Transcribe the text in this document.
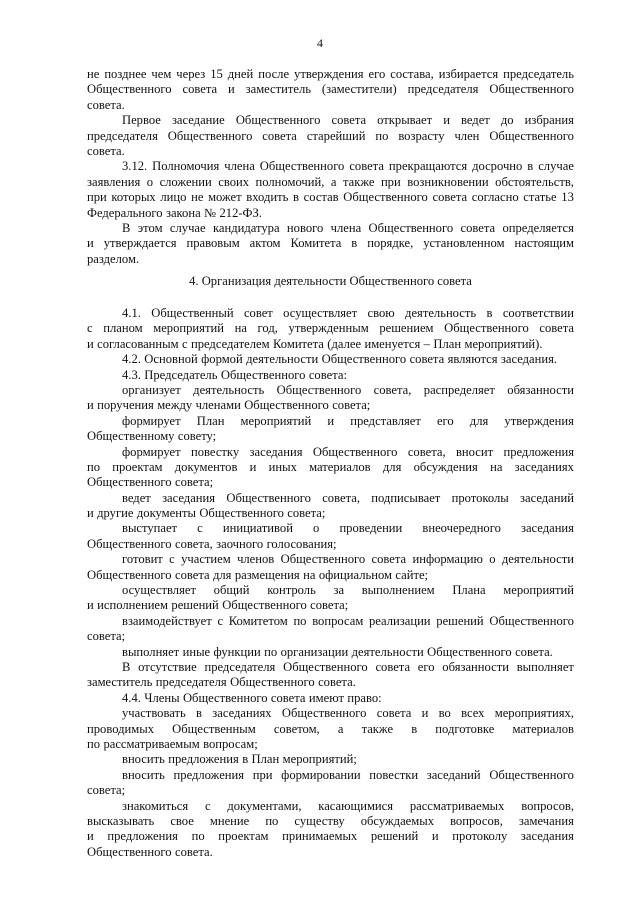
4
не позднее чем через 15 дней после утверждения его состава, избирается председатель
Общественного совета и заместитель (заместители) председателя Общественного
совета.
Первое заседание Общественного совета открывает и ведет до избрания
председателя Общественного совета старейший по возрасту член Общественного
совета.
3.12. Полномочия члена Общественного совета прекращаются досрочно в случае
заявления о сложении своих полномочий, а также при возникновении обстоятельств,
при которых лицо не может входить в состав Общественного совета согласно статье 13
Федерального закона № 212-ФЗ.
В этом случае кандидатура нового члена Общественного совета определяется
и утверждается правовым актом Комитета в порядке, установленном настоящим
разделом.
4. Организация деятельности Общественного совета
4.1. Общественный совет осуществляет свою деятельность в соответствии
с планом мероприятий на год, утвержденным решением Общественного совета
и согласованным с председателем Комитета (далее именуется – План мероприятий).
4.2. Основной формой деятельности Общественного совета являются заседания.
4.3. Председатель Общественного совета:
организует деятельность Общественного совета, распределяет обязанности
и поручения между членами Общественного совета;
формирует План мероприятий и представляет его для утверждения
Общественному совету;
формирует повестку заседания Общественного совета, вносит предложения
по проектам документов и иных материалов для обсуждения на заседаниях
Общественного совета;
ведет заседания Общественного совета, подписывает протоколы заседаний
и другие документы Общественного совета;
выступает с инициативой о проведении внеочередного заседания
Общественного совета, заочного голосования;
готовит с участием членов Общественного совета информацию о деятельности
Общественного совета для размещения на официальном сайте;
осуществляет общий контроль за выполнением Плана мероприятий
и исполнением решений Общественного совета;
взаимодействует с Комитетом по вопросам реализации решений Общественного
совета;
выполняет иные функции по организации деятельности Общественного совета.
В отсутствие председателя Общественного совета его обязанности выполняет
заместитель председателя Общественного совета.
4.4. Члены Общественного совета имеют право:
участвовать в заседаниях Общественного совета и во всех мероприятиях,
проводимых Общественным советом, а также в подготовке материалов
по рассматриваемым вопросам;
вносить предложения в План мероприятий;
вносить предложения при формировании повестки заседаний Общественного
совета;
знакомиться с документами, касающимися рассматриваемых вопросов,
высказывать свое мнение по существу обсуждаемых вопросов, замечания
и предложения по проектам принимаемых решений и протоколу заседания
Общественного совета.
